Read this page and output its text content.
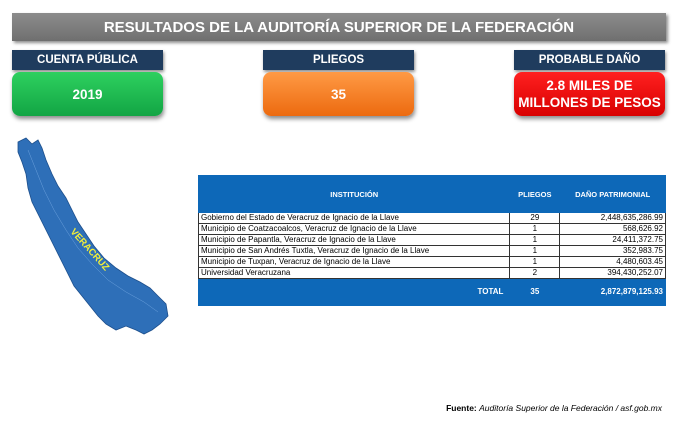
RESULTADOS DE LA AUDITORÍA SUPERIOR DE LA FEDERACIÓN
CUENTA PÚBLICA
2019
PLIEGOS
35
PROBABLE DAÑO
2.8 MILES DE MILLONES DE PESOS
VERACRUZ
INSTITUCIÓN	PLIEGOS	DAÑO PATRIMONIAL
Gobierno del Estado de Veracruz de Ignacio de la Llave	29	2,448,635,286.99
Municipio de Coatzacoalcos, Veracruz de Ignacio de la Llave	1	568,626.92
Municipio de Papantla, Veracruz de Ignacio de la Llave	1	24,411,372.75
Municipio de San Andrés Tuxtla, Veracruz de Ignacio de la Llave	1	352,983.75
Municipio de Tuxpan, Veracruz de Ignacio de la Llave	1	4,480,603.45
Universidad Veracruzana	2	394,430,252.07
TOTAL	35	2,872,879,125.93
Fuente: Auditoría Superior de la Federación / asf.gob.mx
